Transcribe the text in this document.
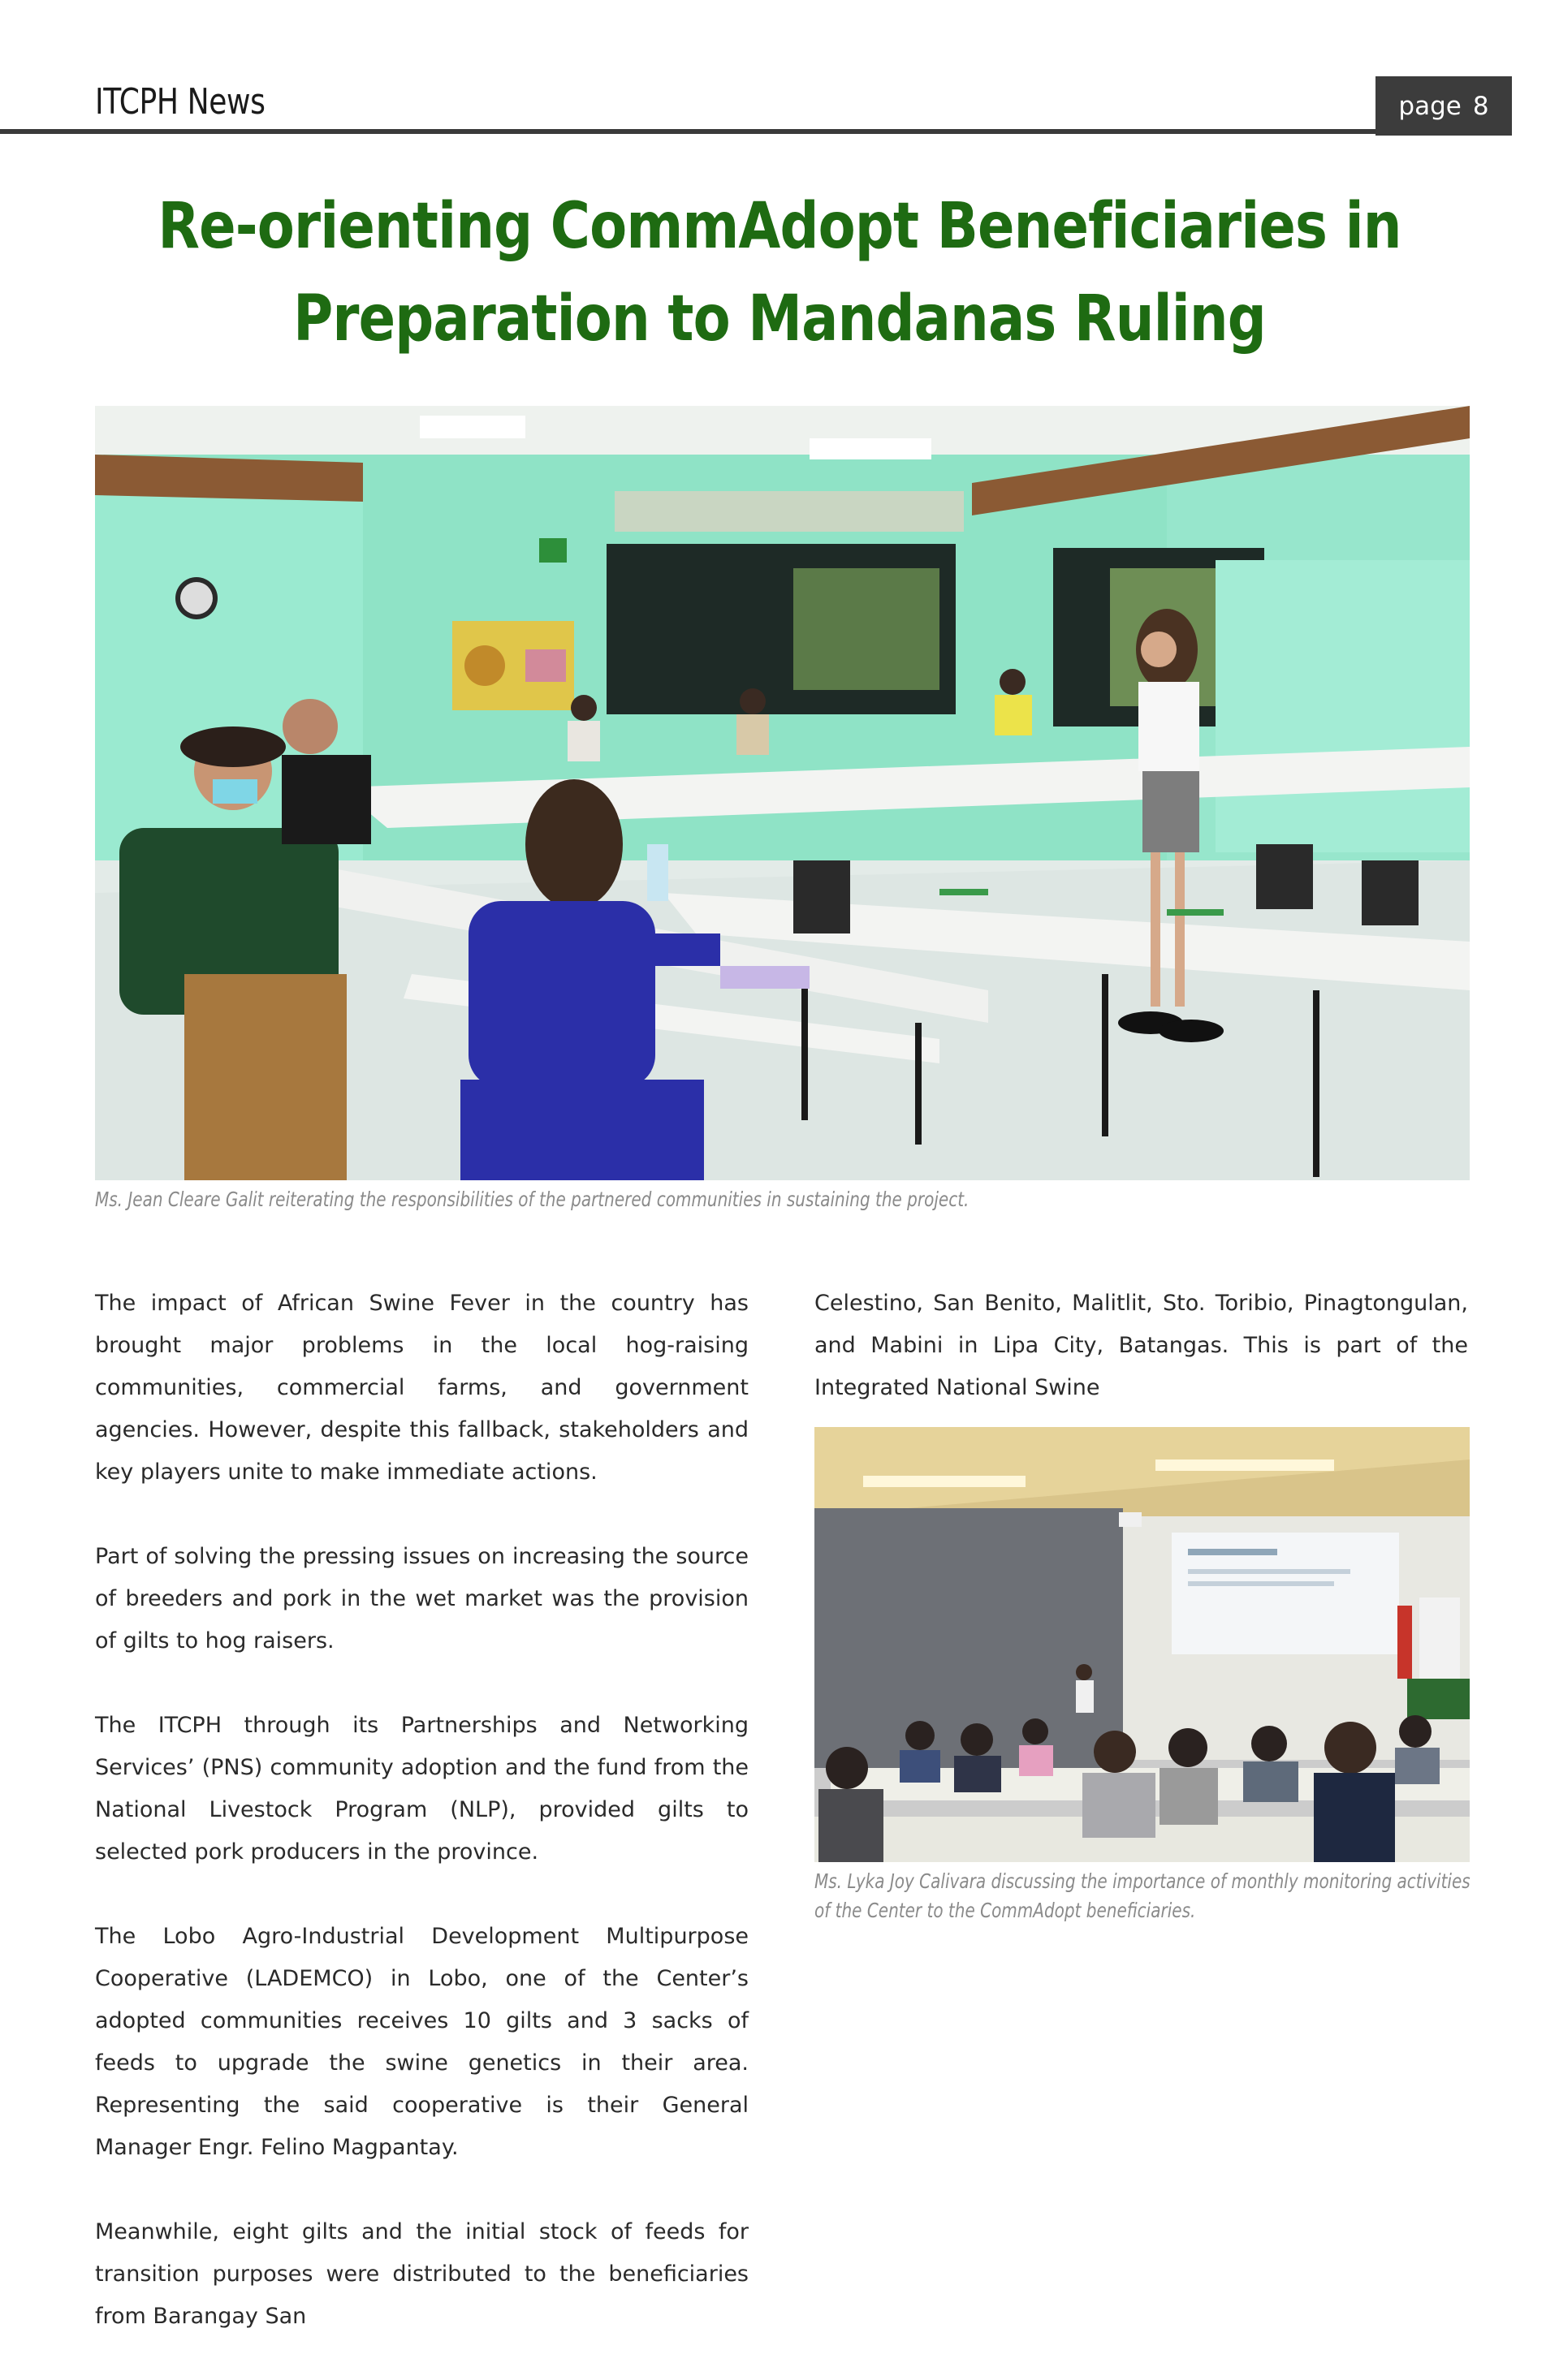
ITCPH News	page 8
Re-orienting CommAdopt Beneficiaries in
Preparation to Mandanas Ruling
Ms. Jean Cleare Galit reiterating the responsibilities of the partnered communities in sustaining the project.

The impact of African Swine Fever in the country has brought major problems in the local hog-raising communities, commercial farms, and government agencies. However, despite this fallback, stakeholders and key players unite to make immediate actions.

Part of solving the pressing issues on increasing the source of breeders and pork in the wet market was the provision of gilts to hog raisers.

The ITCPH through its Partnerships and Networking Services’ (PNS) community adoption and the fund from the National Livestock Program (NLP), provided gilts to selected pork producers in the province.

The Lobo Agro-Industrial Development Multipurpose Cooperative (LADEMCO) in Lobo, one of the Center’s adopted communities receives 10 gilts and 3 sacks of feeds to upgrade the swine genetics in their area. Representing the said cooperative is their General Manager Engr. Felino Magpantay.

Meanwhile, eight gilts and the initial stock of feeds for transition purposes were distributed to the beneficiaries from Barangay San

Celestino, San Benito, Malitlit, Sto. Toribio, Pinagtongulan, and Mabini in Lipa City, Batangas. This is part of the Integrated National Swine

Ms. Lyka Joy Calivara discussing the importance of monthly monitoring activities
of the Center to the CommAdopt beneficiaries.
